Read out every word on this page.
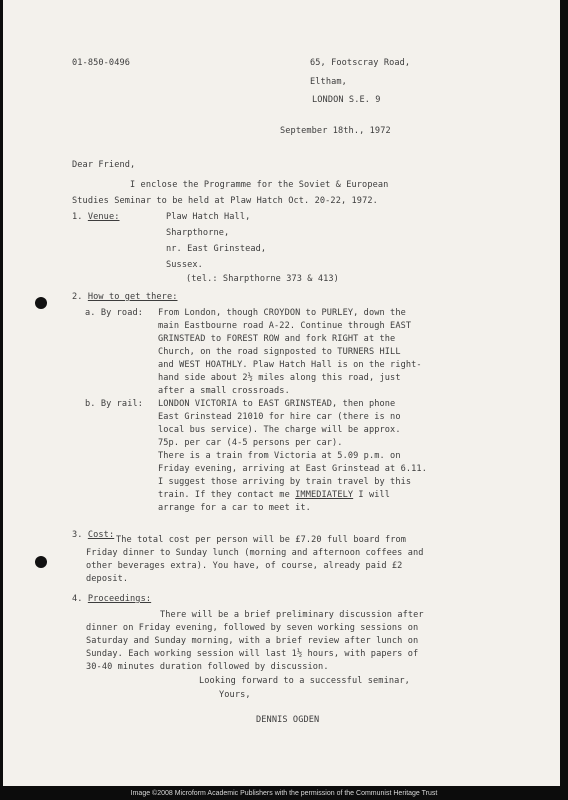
01-850-0496	65, Footscray Road,
Eltham,
LONDON S.E. 9
September 18th., 1972
Dear Friend,
I enclose the Programme for the Soviet & European
Studies Seminar to be held at Plaw Hatch Oct. 20-22, 1972.
1. Venue:	Plaw Hatch Hall,
Sharpthorne,
nr. East Grinstead,
Sussex.
(tel.: Sharpthorne 373 & 413)
2. How to get there:
a. By road: From London, though CROYDON to PURLEY, down the
main Eastbourne road A-22. Continue through EAST
GRINSTEAD to FOREST ROW and fork RIGHT at the
Church, on the road signposted to TURNERS HILL
and WEST HOATHLY. Plaw Hatch Hall is on the right-
hand side about 2½ miles along this road, just
after a small crossroads.
b. By rail: LONDON VICTORIA to EAST GRINSTEAD, then phone
East Grinstead 21010 for hire car (there is no
local bus service). The charge will be approx.
75p. per car (4-5 persons per car).
There is a train from Victoria at 5.09 p.m. on
Friday evening, arriving at East Grinstead at 6.11.
I suggest those arriving by train travel by this
train. If they contact me IMMEDIATELY I will
arrange for a car to meet it.
3. Cost: The total cost per person will be £7.20 full board from
Friday dinner to Sunday lunch (morning and afternoon coffees and
other beverages extra). You have, of course, already paid £2
deposit.
4. Proceedings:
There will be a brief preliminary discussion after
dinner on Friday evening, followed by seven working sessions on
Saturday and Sunday morning, with a brief review after lunch on
Sunday. Each working session will last 1½ hours, with papers of
30-40 minutes duration followed by discussion.
Looking forward to a successful seminar,
Yours,
DENNIS OGDEN
Image ©2008 Microform Academic Publishers with the permission of the Communist Heritage Trust
